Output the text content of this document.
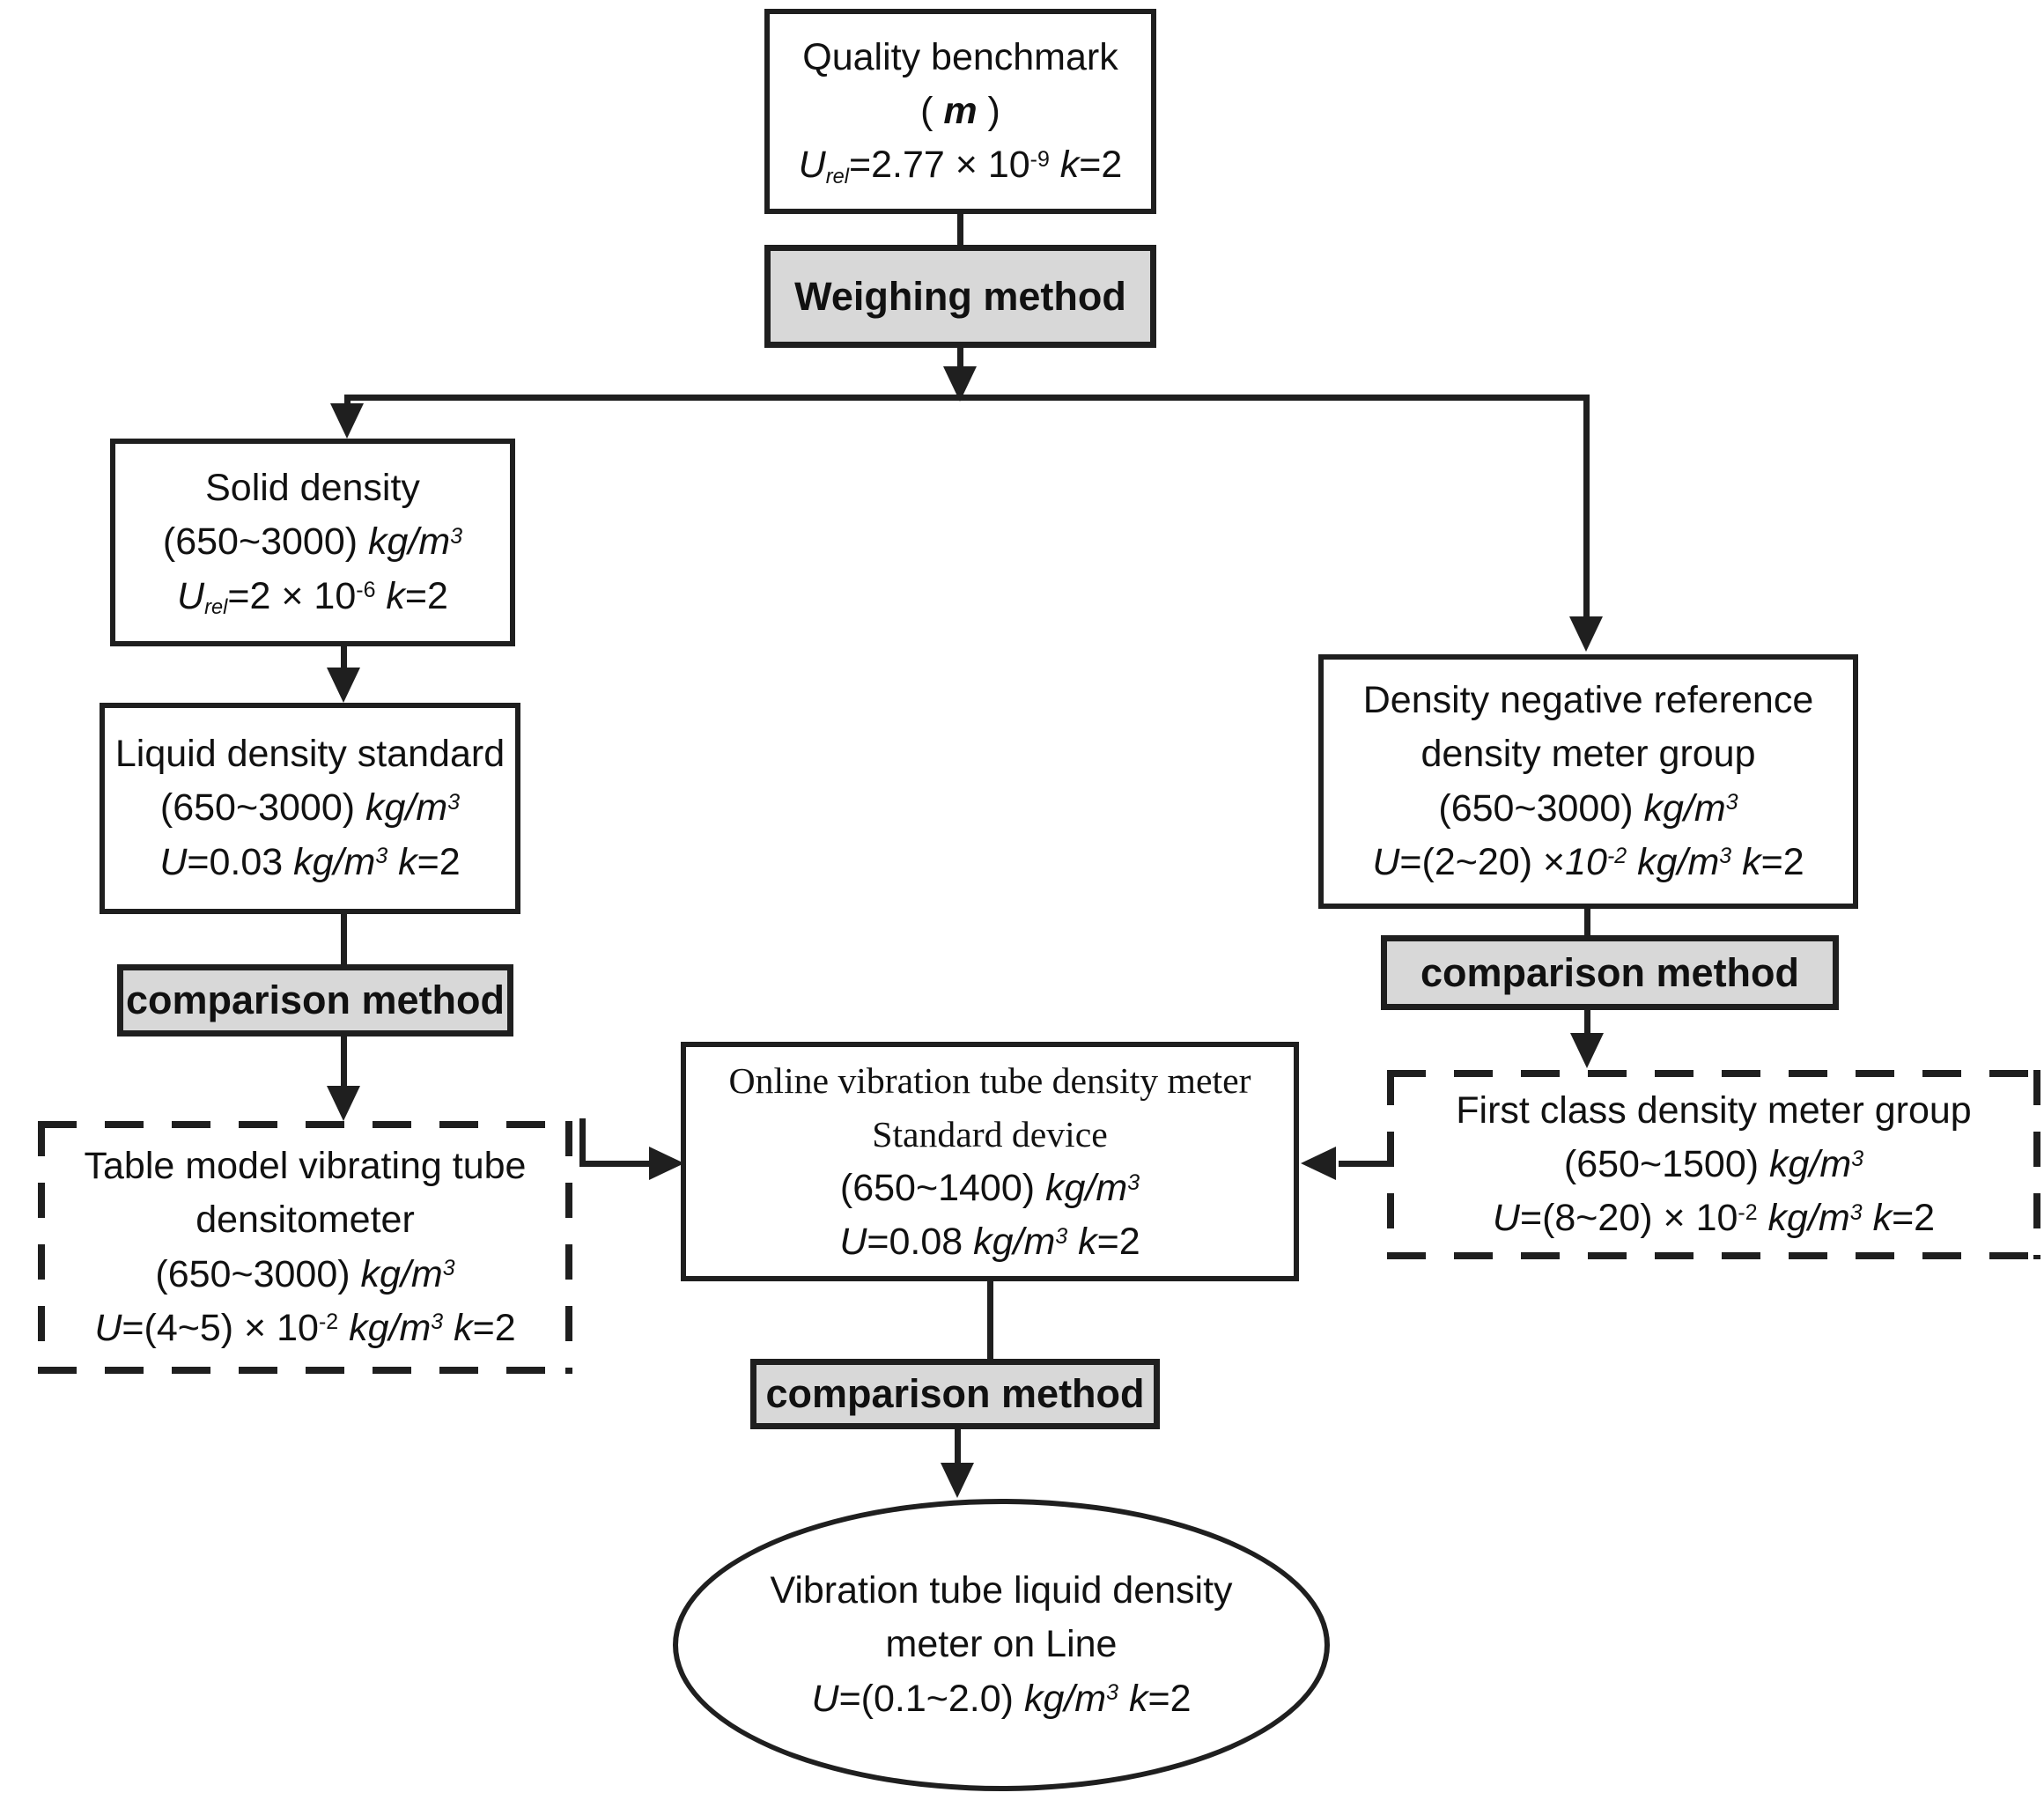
Quality benchmark
( m )
Urel=2.77 × $10^{-9}$ k=2
Weighing method
Solid density
(650~3000) $kg/m^3$
Urel=2 × $10^{-6}$ k=2
Liquid density standard
(650~3000) $kg/m^3$
U=0.03 $kg/m^3$ k=2
comparison method
Table model vibrating tube
densitometer
(650~3000) $kg/m^3$
U=(4~5) × $10^{-2}$ $kg/m^3$ k=2
Online vibration tube density meter
Standard device
(650~1400) $kg/m^3$
U=0.08 $kg/m^3$ k=2
comparison method
Vibration tube liquid density
meter on Line
U=(0.1~2.0) $kg/m^3$ k=2
Density negative reference
density meter group
(650~3000) $kg/m^3$
U=(2~20) $\times 10^{-2}$ $kg/m^3$ k=2
comparison method
First class density meter group
(650~1500) $kg/m^3$
U=(8~20) × $10^{-2}$ $kg/m^3$ k=2
